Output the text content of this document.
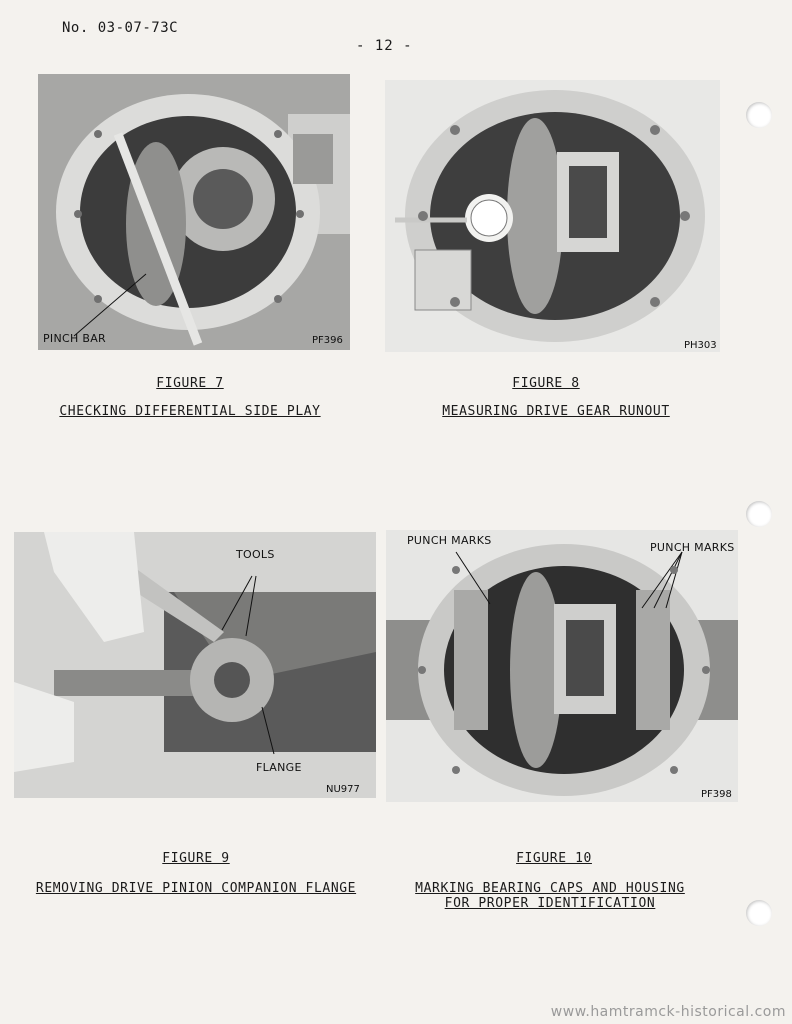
No. 03-07-73C
- 12 -
PINCH BAR	PF396	PH303
FIGURE 7
CHECKING DIFFERENTIAL SIDE PLAY
FIGURE 8
MEASURING DRIVE GEAR RUNOUT
TOOLS
FLANGE
NU977
PUNCH MARKS
PUNCH MARKS
PF398
FIGURE 9
REMOVING DRIVE PINION COMPANION FLANGE
FIGURE 10
MARKING BEARING CAPS AND HOUSING
FOR PROPER IDENTIFICATION
www.hamtramck-historical.com
